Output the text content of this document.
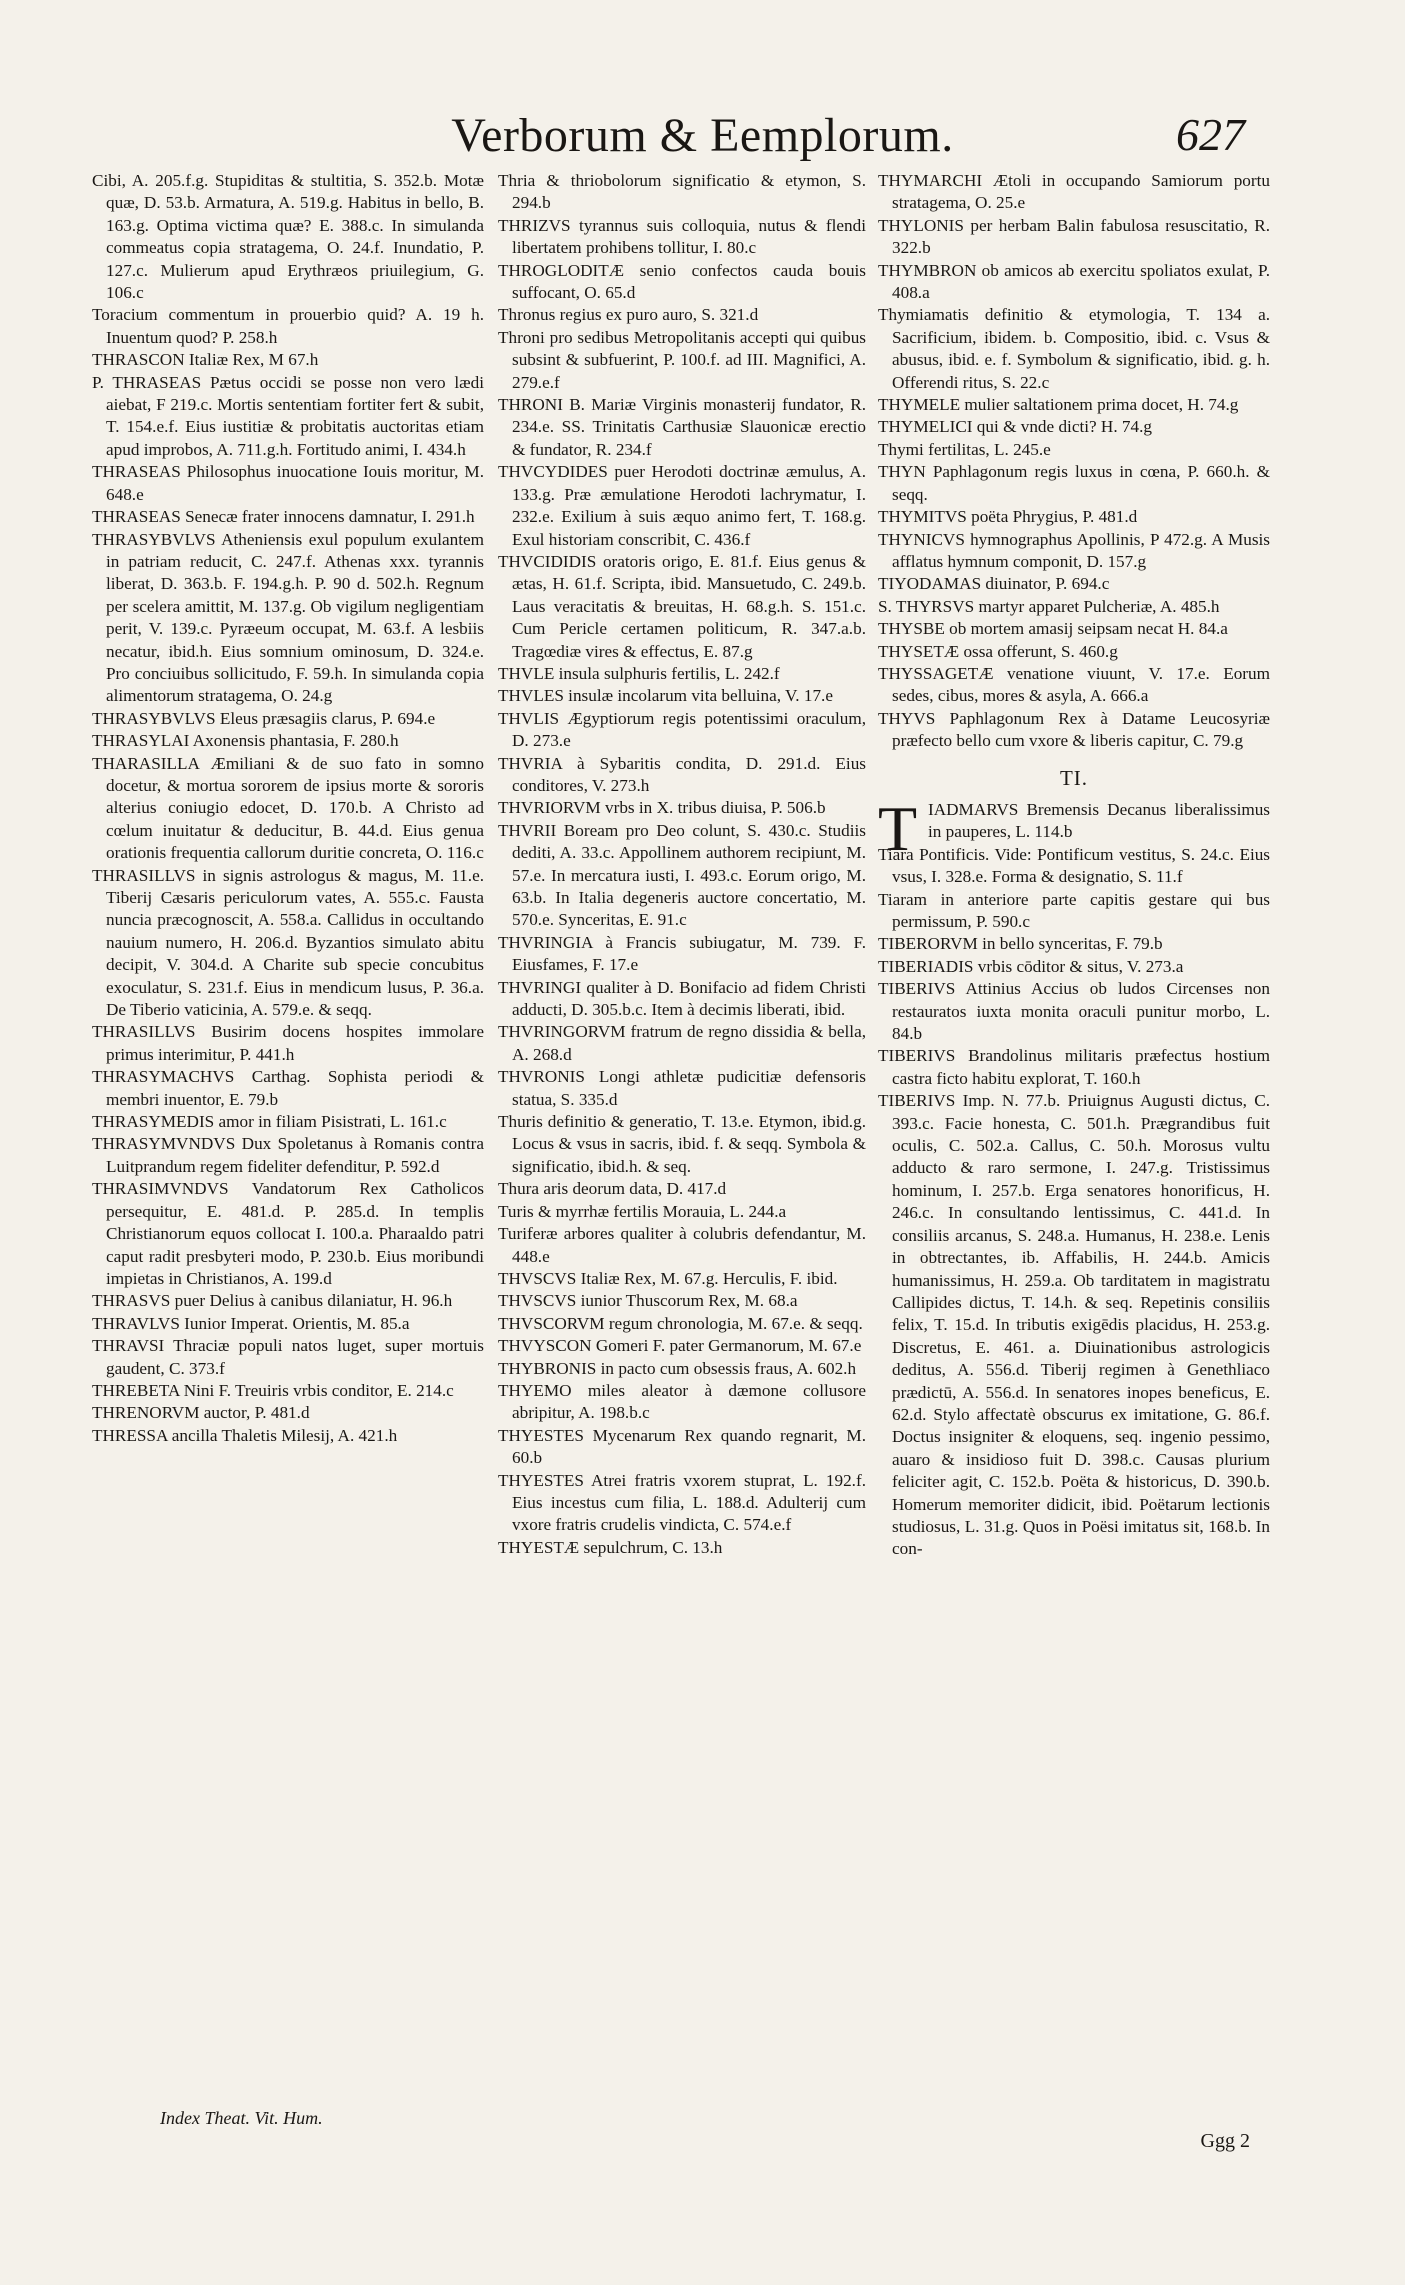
Verborum & Eemplorum.	627

Cibi, A. 205.f.g. Stupiditas & stultitia, S. 352.b. Motæ quæ, D. 53.b. Armatura, A. 519.g. Habitus in bello, B. 163.g. Optima victima quæ? E. 388.c. In simulanda commeatus copia stratagema, O. 24.f. Inundatio, P. 127.c. Mulierum apud Erythræos priuilegium, G. 106.c

Toracium commentum in prouerbio quid? A. 19 h. Inuentum quod? P. 258.h

THRASCON Italiæ Rex, M 67.h

P. THRASEAS Pætus occidi se posse non vero lædi aiebat, F 219.c. Mortis sententiam fortiter fert & subit, T. 154.e.f. Eius iustitiæ & probitatis auctoritas etiam apud improbos, A. 711.g.h. Fortitudo animi, I. 434.h

THRASEAS Philosophus inuocatione Iouis moritur, M. 648.e

THRASEAS Senecæ frater innocens damnatur, I. 291.h

THRASYBVLVS Atheniensis exul populum exulantem in patriam reducit, C. 247.f. Athenas xxx. tyrannis liberat, D. 363.b. F. 194.g.h. P. 90 d. 502.h. Regnum per scelera amittit, M. 137.g. Ob vigilum negligentiam perit, V. 139.c. Pyræeum occupat, M. 63.f. A lesbiis necatur, ibid.h. Eius somnium ominosum, D. 324.e. Pro conciuibus sollicitudo, F. 59.h. In simulanda copia alimentorum stratagema, O. 24.g

THRASYBVLVS Eleus præsagiis clarus, P. 694.e

THRASYLAI Axonensis phantasia, F. 280.h

THARASILLA Æmiliani & de suo fato in somno docetur, & mortua sororem de ipsius morte & sororis alterius coniugio edocet, D. 170.b. A Christo ad cœlum inuitatur & deducitur, B. 44.d. Eius genua orationis frequentia callorum duritie concreta, O. 116.c

THRASILLVS in signis astrologus & magus, M. 11.e. Tiberij Cæsaris periculorum vates, A. 555.c. Fausta nuncia præcognoscit, A. 558.a. Callidus in occultando nauium numero, H. 206.d. Byzantios simulato abitu decipit, V. 304.d. A Charite sub specie concubitus exoculatur, S. 231.f. Eius in mendicum lusus, P. 36.a. De Tiberio vaticinia, A. 579.e. & seqq.

THRASILLVS Busirim docens hospites immolare primus interimitur, P. 441.h

THRASYMACHVS Carthag. Sophista periodi & membri inuentor, E. 79.b

THRASYMEDIS amor in filiam Pisistrati, L. 161.c

THRASYMVNDVS Dux Spoletanus à Romanis contra Luitprandum regem fideliter defenditur, P. 592.d

THRASIMVNDVS Vandatorum Rex Catholicos persequitur, E. 481.d. P. 285.d. In templis Christianorum equos collocat I. 100.a. Pharaaldo patri caput radit presbyteri modo, P. 230.b. Eius moribundi impietas in Christianos, A. 199.d

THRASVS puer Delius à canibus dilaniatur, H. 96.h

THRAVLVS Iunior Imperat. Orientis, M. 85.a

THRAVSI Thraciæ populi natos luget, super mortuis gaudent, C. 373.f

THREBETA Nini F. Treuiris vrbis conditor, E. 214.c

THRENORVM auctor, P. 481.d

THRESSA ancilla Thaletis Milesij, A. 421.h

Thria & thriobolorum significatio & etymon, S. 294.b

THRIZVS tyrannus suis colloquia, nutus & flendi libertatem prohibens tollitur, I. 80.c

THROGLODITÆ senio confectos cauda bouis suffocant, O. 65.d

Thronus regius ex puro auro, S. 321.d

Throni pro sedibus Metropolitanis accepti qui quibus subsint & subfuerint, P. 100.f. ad III. Magnifici, A. 279.e.f

THRONI B. Mariæ Virginis monasterij fundator, R. 234.e. SS. Trinitatis Carthusiæ Slauonicæ erectio & fundator, R. 234.f

THVCYDIDES puer Herodoti doctrinæ æmulus, A. 133.g. Præ æmulatione Herodoti lachrymatur, I. 232.e. Exilium à suis æquo animo fert, T. 168.g. Exul historiam conscribit, C. 436.f

THVCIDIDIS oratoris origo, E. 81.f. Eius genus & ætas, H. 61.f. Scripta, ibid. Mansuetudo, C. 249.b. Laus veracitatis & breuitas, H. 68.g.h. S. 151.c. Cum Pericle certamen politicum, R. 347.a.b. Tragœdiæ vires & effectus, E. 87.g

THVLE insula sulphuris fertilis, L. 242.f

THVLES insulæ incolarum vita belluina, V. 17.e

THVLIS Ægyptiorum regis potentissimi oraculum, D. 273.e

THVRIA à Sybaritis condita, D. 291.d. Eius conditores, V. 273.h

THVRIORVM vrbs in X. tribus diuisa, P. 506.b

THVRII Boream pro Deo colunt, S. 430.c. Studiis dediti, A. 33.c. Appollinem authorem recipiunt, M. 57.e. In mercatura iusti, I. 493.c. Eorum origo, M. 63.b. In Italia degeneris auctore concertatio, M. 570.e. Synceritas, E. 91.c

THVRINGIA à Francis subiugatur, M. 739. F. Eiusfames, F. 17.e

THVRINGI qualiter à D. Bonifacio ad fidem Christi adducti, D. 305.b.c. Item à decimis liberati, ibid.

THVRINGORVM fratrum de regno dissidia & bella, A. 268.d

THVRONIS Longi athletæ pudicitiæ defensoris statua, S. 335.d

Thuris definitio & generatio, T. 13.e. Etymon, ibid.g. Locus & vsus in sacris, ibid. f. & seqq. Symbola & significatio, ibid.h. & seq.

Thura aris deorum data, D. 417.d

Turis & myrrhæ fertilis Morauia, L. 244.a

Turiferæ arbores qualiter à colubris defendantur, M. 448.e

THVSCVS Italiæ Rex, M. 67.g. Herculis, F. ibid.

THVSCVS iunior Thuscorum Rex, M. 68.a

THVSCORVM regum chronologia, M. 67.e. & seqq.

THVYSCON Gomeri F. pater Germanorum, M. 67.e

THYBRONIS in pacto cum obsessis fraus, A. 602.h

THYEMO miles aleator à dæmone collusore abripitur, A. 198.b.c

THYESTES Mycenarum Rex quando regnarit, M. 60.b

THYESTES Atrei fratris vxorem stuprat, L. 192.f. Eius incestus cum filia, L. 188.d. Adulterij cum vxore fratris crudelis vindicta, C. 574.e.f

THYESTÆ sepulchrum, C. 13.h

THYMARCHI Ætoli in occupando Samiorum portu stratagema, O. 25.e

THYLONIS per herbam Balin fabulosa resuscitatio, R. 322.b

THYMBRON ob amicos ab exercitu spoliatos exulat, P. 408.a

Thymiamatis definitio & etymologia, T. 134 a. Sacrificium, ibidem. b. Compositio, ibid. c. Vsus & abusus, ibid. e. f. Symbolum & significatio, ibid. g. h. Offerendi ritus, S. 22.c

THYMELE mulier saltationem prima docet, H. 74.g

THYMELICI qui & vnde dicti? H. 74.g

Thymi fertilitas, L. 245.e

THYN Paphlagonum regis luxus in cœna, P. 660.h. & seqq.

THYMITVS poëta Phrygius, P. 481.d

THYNICVS hymnographus Apollinis, P 472.g. A Musis afflatus hymnum componit, D. 157.g

TIYODAMAS diuinator, P. 694.c

S. THYRSVS martyr apparet Pulcheriæ, A. 485.h

THYSBE ob mortem amasij seipsam necat H. 84.a

THYSETÆ ossa offerunt, S. 460.g

THYSSAGETÆ venatione viuunt, V. 17.e. Eorum sedes, cibus, mores & asyla, A. 666.a

THYVS Paphlagonum Rex à Datame Leucosyriæ præfecto bello cum vxore & liberis capitur, C. 79.g

TI.

T IADMARVS Bremensis Decanus liberalissimus in pauperes, L. 114.b

Tiara Pontificis. Vide: Pontificum vestitus, S. 24.c. Eius vsus, I. 328.e. Forma & designatio, S. 11.f

Tiaram in anteriore parte capitis gestare qui bus permissum, P. 590.c

TIBERORVM in bello synceritas, F. 79.b

TIBERIADIS vrbis cōditor & situs, V. 273.a

TIBERIVS Attinius Accius ob ludos Circenses non restauratos iuxta monita oraculi punitur morbo, L. 84.b

TIBERIVS Brandolinus militaris præfectus hostium castra ficto habitu explorat, T. 160.h

TIBERIVS Imp. N. 77.b. Priuignus Augusti dictus, C. 393.c. Facie honesta, C. 501.h. Prægrandibus fuit oculis, C. 502.a. Callus, C. 50.h. Morosus vultu adducto & raro sermone, I. 247.g. Tristissimus hominum, I. 257.b. Erga senatores honorificus, H. 246.c. In consultando lentissimus, C. 441.d. In consiliis arcanus, S. 248.a. Humanus, H. 238.e. Lenis in obtrectantes, ib. Affabilis, H. 244.b. Amicis humanissimus, H. 259.a. Ob tarditatem in magistratu Callipides dictus, T. 14.h. & seq. Repetinis consiliis felix, T. 15.d. In tributis exigēdis placidus, H. 253.g. Discretus, E. 461. a. Diuinationibus astrologicis deditus, A. 556.d. Tiberij regimen à Genethliaco prædictū, A. 556.d. In senatores inopes beneficus, E. 62.d. Stylo affectatè obscurus ex imitatione, G. 86.f. Doctus insigniter & eloquens, seq. ingenio pessimo, auaro & insidioso fuit D. 398.c. Causas plurium feliciter agit, C. 152.b. Poëta & historicus, D. 390.b. Homerum memoriter didicit, ibid. Poëtarum lectionis studiosus, L. 31.g. Quos in Poësi imitatus sit, 168.b. In con-

Index Theat. Vit. Hum.
Ggg 2
